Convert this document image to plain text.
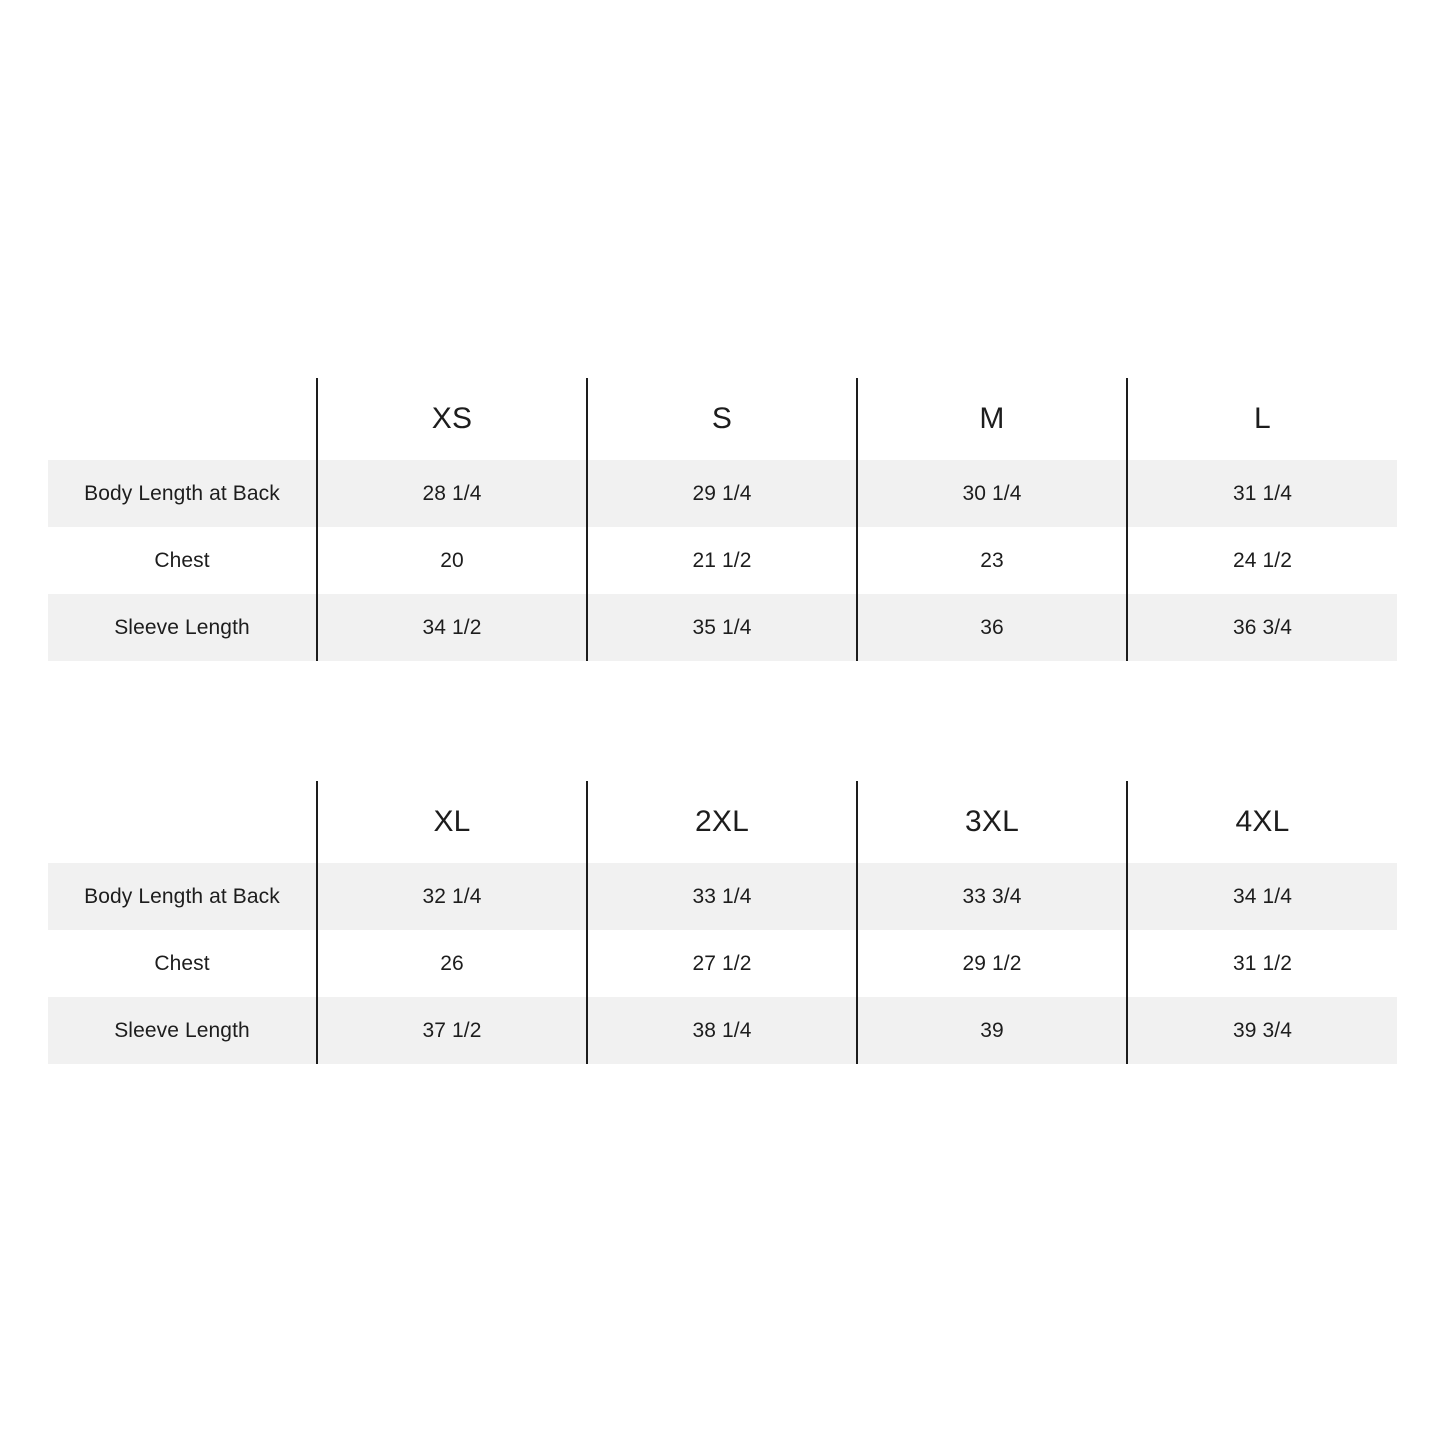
	XS	S	M	L
Body Length at Back	28 1/4	29 1/4	30 1/4	31 1/4
Chest	20	21 1/2	23	24 1/2
Sleeve Length	34 1/2	35 1/4	36	36 3/4
	XL	2XL	3XL	4XL
Body Length at Back	32 1/4	33 1/4	33 3/4	34 1/4
Chest	26	27 1/2	29 1/2	31 1/2
Sleeve Length	37 1/2	38 1/4	39	39 3/4
